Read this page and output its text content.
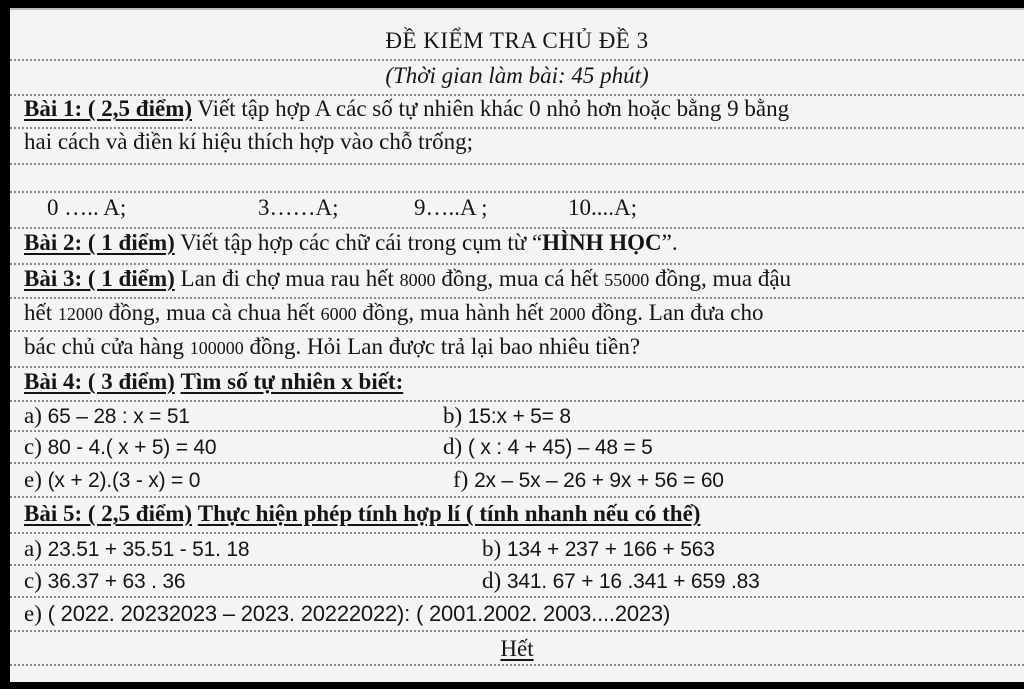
ĐỀ KIỂM TRA CHỦ ĐỀ 3
(Thời gian làm bài: 45 phút)
Bài 1: ( 2,5 điểm) Viết tập hợp A các số tự nhiên khác 0 nhỏ hơn hoặc bằng 9 bằng
hai cách và điền kí hiệu thích hợp vào chỗ trống;
0 ….. A;	3……A;	9…..A ;	10....A;
Bài 2: ( 1 điểm) Viết tập hợp các chữ cái trong cụm từ “HÌNH HỌC”.
Bài 3: ( 1 điểm) Lan đi chợ mua rau hết 8000 đồng, mua cá hết 55000 đồng, mua đậu
hết 12000 đồng, mua cà chua hết 6000 đồng, mua hành hết 2000 đồng. Lan đưa cho
bác chủ cửa hàng 100000 đồng. Hỏi Lan được trả lại bao nhiêu tiền?
Bài 4: ( 3 điểm) Tìm số tự nhiên x biết:
a) 65 – 28 : x = 51	b) 15:x + 5= 8
c) 80 - 4.( x + 5) = 40	d) ( x : 4 + 45) – 48 = 5
e) (x + 2).(3 - x) = 0	f) 2x – 5x – 26 + 9x + 56 = 60
Bài 5: ( 2,5 điểm) Thực hiện phép tính hợp lí ( tính nhanh nếu có thể)
a) 23.51 + 35.51 - 51. 18	b) 134 + 237 + 166 + 563
c) 36.37 + 63 . 36	d) 341. 67 + 16 .341 + 659 .83
e) ( 2022. 20232023 – 2023. 20222022): ( 2001.2002. 2003....2023)
Hết
